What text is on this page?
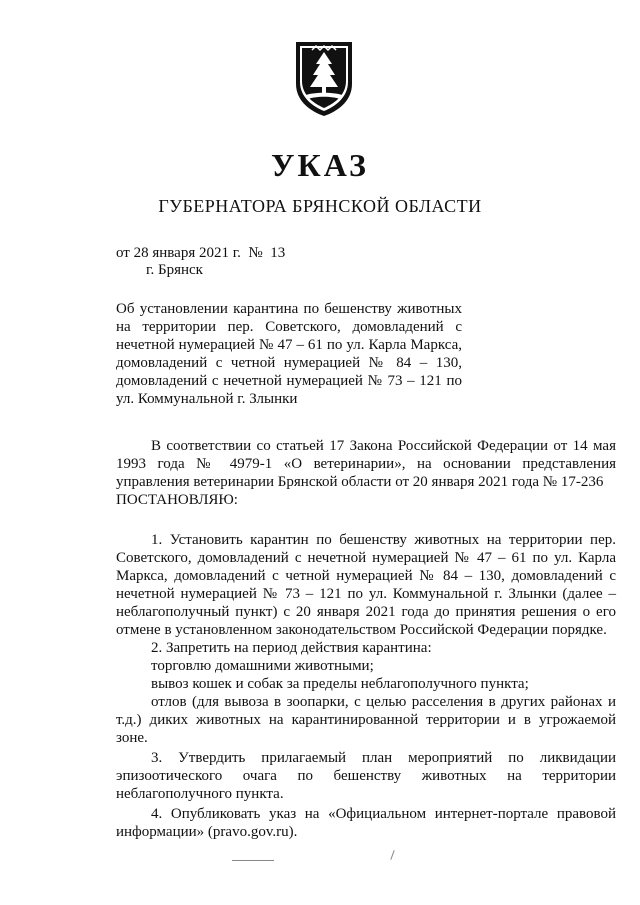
УКАЗ
ГУБЕРНАТОРА БРЯНСКОЙ ОБЛАСТИ
от 28 января 2021 г.  №  13
г. Брянск
Об установлении карантина по бешенству животных на территории пер. Советского, домовладений с нечетной нумерацией № 47 – 61 по ул. Карла Маркса, домовладений с четной нумерацией № 84 – 130, домовладений с нечетной нумерацией № 73 – 121 по ул. Коммунальной г. Злынки

В соответствии со статьей 17 Закона Российской Федерации от 14 мая 1993 года № 4979-1 «О ветеринарии», на основании представления управления ветеринарии Брянской области от 20 января 2021 года № 17-236

ПОСТАНОВЛЯЮ:

1. Установить карантин по бешенству животных на территории пер. Советского, домовладений с нечетной нумерацией № 47 – 61 по ул. Карла Маркса, домовладений с четной нумерацией № 84 – 130, домовладений с нечетной нумерацией № 73 – 121 по ул. Коммунальной г. Злынки (далее – неблагополучный пункт) с 20 января 2021 года до принятия решения о его отмене в установленном законодательством Российской Федерации порядке.

2. Запретить на период действия карантина:

торговлю домашними животными;

вывоз кошек и собак за пределы неблагополучного пункта;

отлов (для вывоза в зоопарки, с целью расселения в других районах и т.д.) диких животных на карантинированной территории и в угрожаемой зоне.

3. Утвердить прилагаемый план мероприятий по ликвидации эпизоотического очага по бешенству животных на территории неблагополучного пункта.

4. Опубликовать указ на «Официальном интернет-портале правовой информации» (pravo.gov.ru).
